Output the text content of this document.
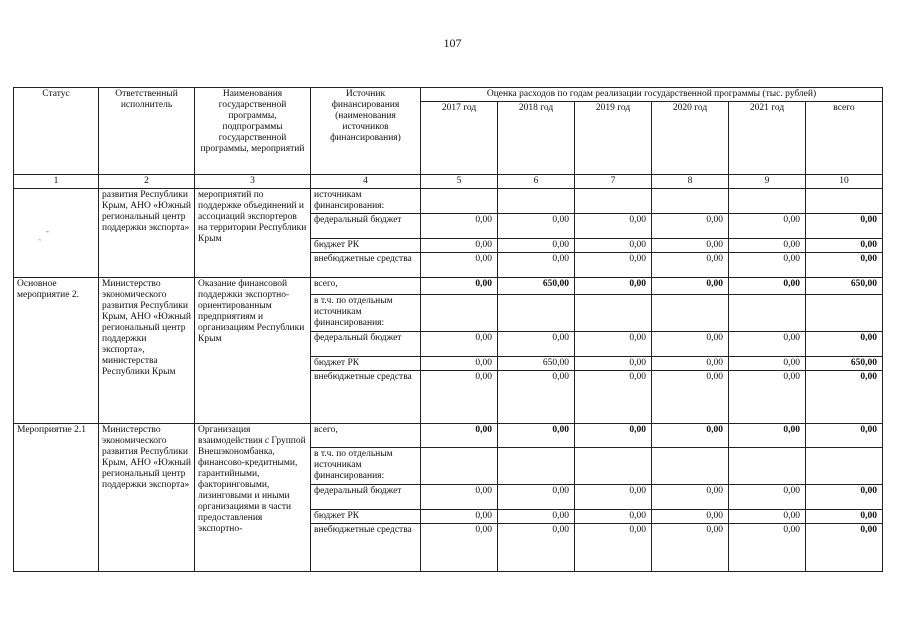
107
Статус	Ответственный исполнитель	Наименования государственной программы, подпрограммы государственной программы, мероприятий	Источник финансирования (наименования источников финансирования)	Оценка расходов по годам реализации государственной программы (тыс. рублей)					
				2017 год	2018 год	2019 год	2020 год	2021 год	всего
1	2	3	4	5	6	7	8	9	10
	развития Республики Крым, АНО «Южный региональный центр поддержки экспорта»	мероприятий по поддержке объединений и ассоциаций экспортеров на территории Республики Крым	источникам финансирования:						
			федеральный бюджет	0,00	0,00	0,00	0,00	0,00	0,00
			бюджет РК	0,00	0,00	0,00	0,00	0,00	0,00
			внебюджетные средства	0,00	0,00	0,00	0,00	0,00	0,00
Основное мероприятие 2.	Министерство экономического развития Республики Крым, АНО «Южный региональный центр поддержки экспорта», министерства Республики Крым	Оказание финансовой поддержки экспортно-ориентированным предприятиям и организациям Республики Крым	всего,	0,00	650,00	0,00	0,00	0,00	650,00
			в т.ч. по отдельным источникам финансирования:						
			федеральный бюджет	0,00	0,00	0,00	0,00	0,00	0,00
			бюджет РК	0,00	650,00	0,00	0,00	0,00	650,00
			внебюджетные средства	0,00	0,00	0,00	0,00	0,00	0,00
Мероприятие 2.1	Министерство экономического развития Республики Крым, АНО «Южный региональный центр поддержки экспорта»	Организация взаимодействия с Группой Внешэкономбанка, финансово-кредитными, гарантийными, факторинговыми, лизинговыми и иными организациями в части предоставления экспортно-	всего,	0,00	0,00	0,00	0,00	0,00	0,00
			в т.ч. по отдельным источникам финансирования:						
			федеральный бюджет	0,00	0,00	0,00	0,00	0,00	0,00
			бюджет РК	0,00	0,00	0,00	0,00	0,00	0,00
			внебюджетные средства	0,00	0,00	0,00	0,00	0,00	0,00
-
~
